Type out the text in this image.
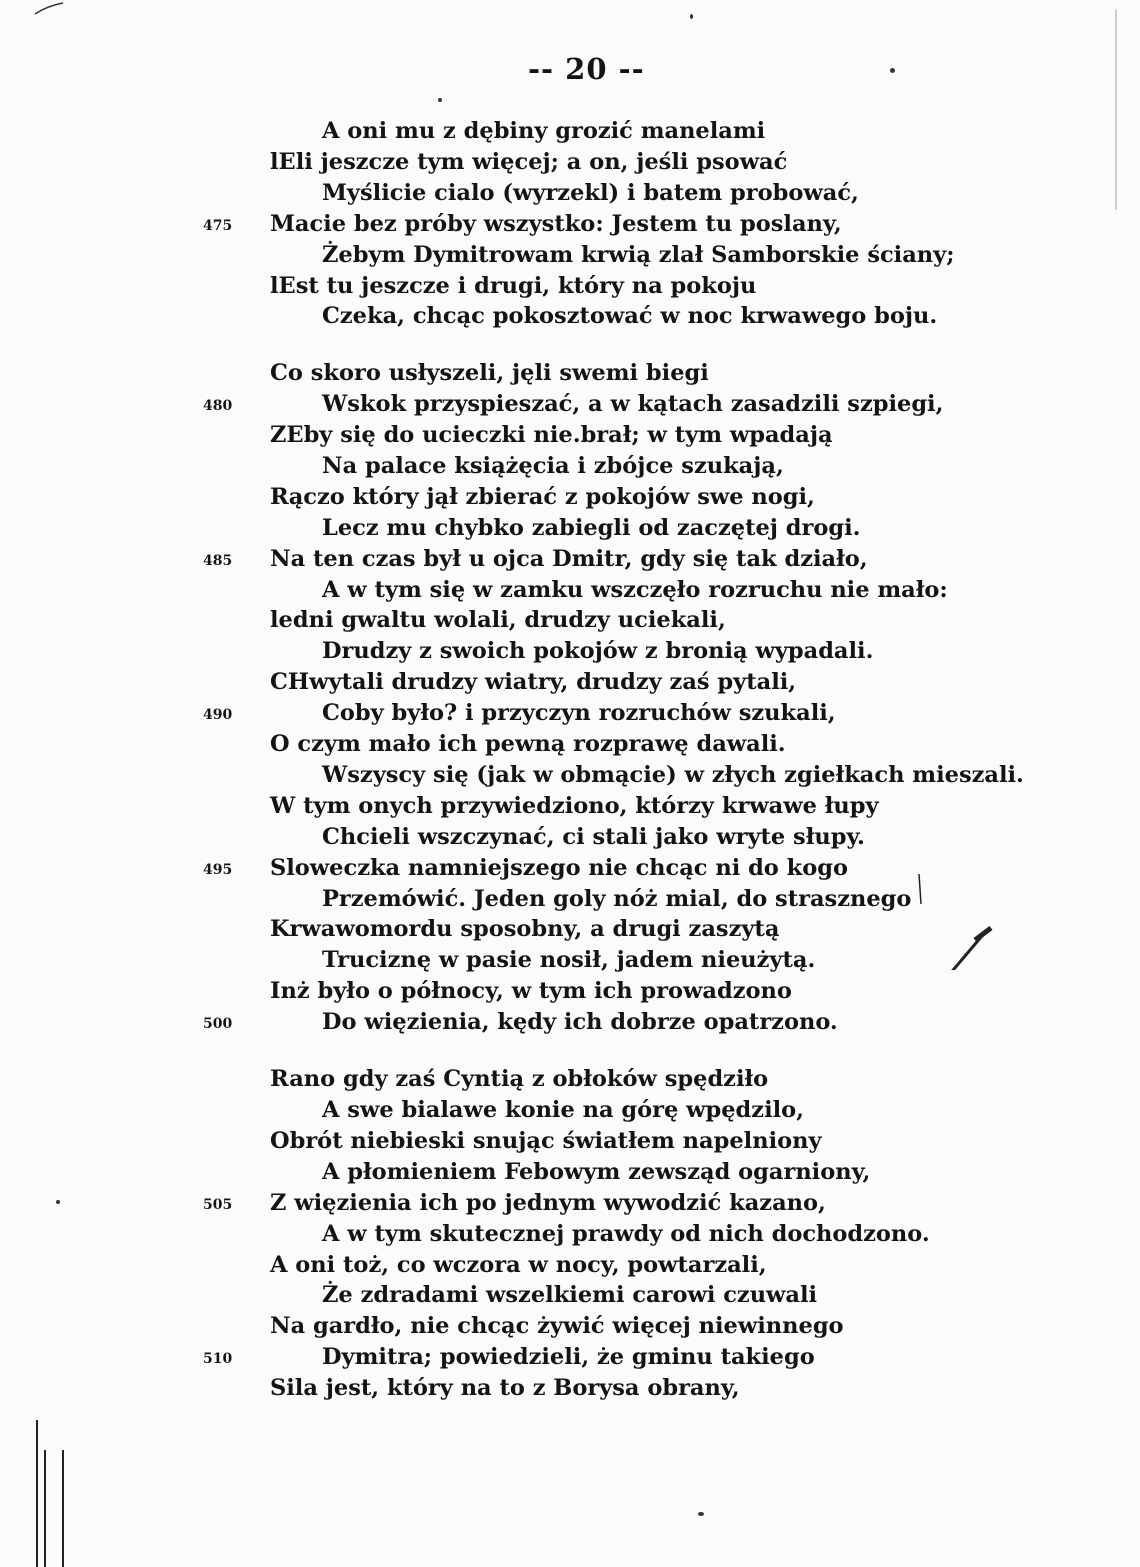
-- 20 --
A oni mu z dębiny grozić manelami
lEli jeszcze tym więcej; a on, jeśli psować
Myślicie cialo (wyrzekl) i batem probować,
Macie bez próby wszystko: Jestem tu poslany,
475
Żebym Dymitrowam krwią zlał Samborskie ściany;
lEst tu jeszcze i drugi, który na pokoju
Czeka, chcąc pokosztować w noc krwawego boju.
Co skoro usłyszeli, jęli swemi biegi
Wskok przyspieszać, a w kątach zasadzili szpiegi,
480
ZEby się do ucieczki nie.brał; w tym wpadają
Na palace książęcia i zbójce szukają,
Rączo który jął zbierać z pokojów swe nogi,
Lecz mu chybko zabiegli od zaczętej drogi.
Na ten czas był u ojca Dmitr, gdy się tak działo,
485
A w tym się w zamku wszczęło rozruchu nie mało:
ledni gwaltu wolali, drudzy uciekali,
Drudzy z swoich pokojów z bronią wypadali.
CHwytali drudzy wiatry, drudzy zaś pytali,
Coby było? i przyczyn rozruchów szukali,
490
O czym mało ich pewną rozprawę dawali.
Wszyscy się (jak w obmącie) w złych zgiełkach mieszali.
W tym onych przywiedziono, którzy krwawe łupy
Chcieli wszczynać, ci stali jako wryte słupy.
Sloweczka namniejszego nie chcąc ni do kogo
495
Przemówić. Jeden goly nóż mial, do strasznego
Krwawomordu sposobny, a drugi zaszytą
Truciznę w pasie nosił, jadem nieużytą.
Inż było o północy, w tym ich prowadzono
Do więzienia, kędy ich dobrze opatrzono.
500
Rano gdy zaś Cyntią z obłoków spędziło
A swe bialawe konie na górę wpędzilo,
Obrót niebieski snując światłem napelniony
A płomieniem Febowym zewsząd ogarniony,
Z więzienia ich po jednym wywodzić kazano,
505
A w tym skutecznej prawdy od nich dochodzono.
A oni toż, co wczora w nocy, powtarzali,
Że zdradami wszelkiemi carowi czuwali
Na gardło, nie chcąc żywić więcej niewinnego
Dymitra; powiedzieli, że gminu takiego
510
Sila jest, który na to z Borysa obrany,
